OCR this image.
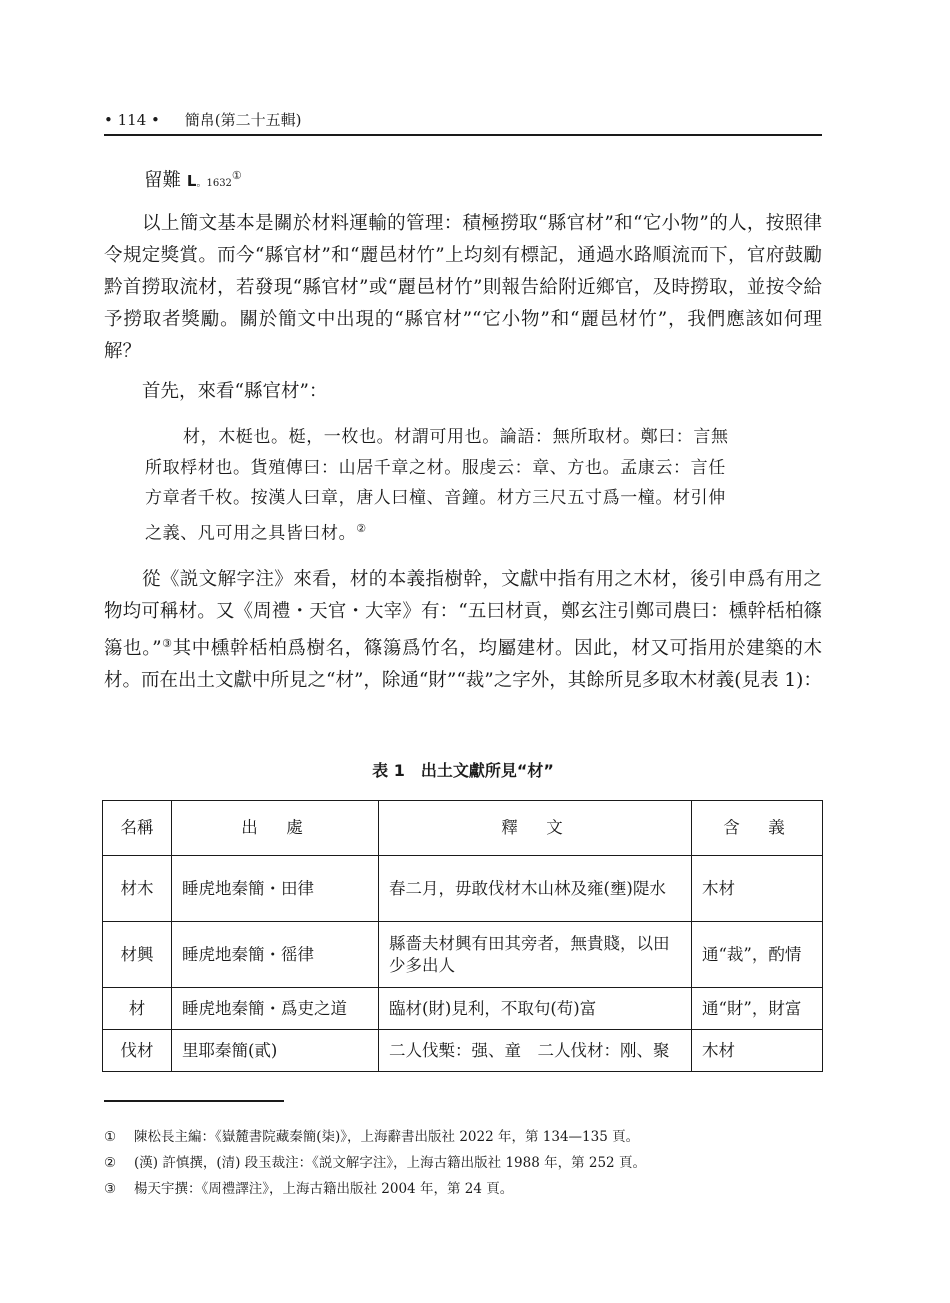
• 114 • 簡帛(第二十五輯)

留難 L。1632①

以上簡文基本是關於材料運輸的管理：積極撈取“縣官材”和“它小物”的人，按照律令規定獎賞。而今“縣官材”和“麗邑材竹”上均刻有標記，通過水路順流而下，官府鼓勵黔首撈取流材，若發現“縣官材”或“麗邑材竹”則報告給附近鄉官，及時撈取，並按令給予撈取者獎勵。關於簡文中出現的“縣官材”“它小物”和“麗邑材竹”，我們應該如何理解？

首先，來看“縣官材”：

材，木梃也。梃，一枚也。材謂可用也。論語：無所取材。鄭曰：言無
所取桴材也。貨殖傳曰：山居千章之材。服虔云：章、方也。孟康云：言任
方章者千枚。按漢人曰章，唐人曰橦、音鐘。材方三尺五寸爲一橦。材引伸
之義、凡可用之具皆曰材。②

從《説文解字注》來看，材的本義指樹幹，文獻中指有用之木材，後引申爲有用之物均可稱材。又《周禮・天官・大宰》有：“五曰材貢，鄭玄注引鄭司農曰：櫄幹栝柏篠簜也。”③其中櫄幹栝柏爲樹名，篠簜爲竹名，均屬建材。因此，材又可指用於建築的木材。而在出土文獻中所見之“材”，除通“財”“裁”之字外，其餘所見多取木材義(見表 1)：

表 1　出土文獻所見“材”
名稱	出　處	釋　文	含　義
材木	睡虎地秦簡・田律	春二月，毋敢伐材木山林及雍(壅)隄水	木材
材興	睡虎地秦簡・徭律	縣嗇夫材興有田其旁者，無貴賤，以田少多出人	通“裁”，酌情
材	睡虎地秦簡・爲吏之道	臨材(財)見利，不取句(苟)富	通“財”，財富
伐材	里耶秦簡(貳)	二人伐槧：强、童　二人伐材：刚、聚	木材
①	陳松長主編：《嶽麓書院藏秦簡(柒)》，上海辭書出版社 2022 年，第 134—135 頁。
②	(漢) 許慎撰，(清) 段玉裁注：《説文解字注》，上海古籍出版社 1988 年，第 252 頁。
③	楊天宇撰：《周禮譯注》，上海古籍出版社 2004 年，第 24 頁。
